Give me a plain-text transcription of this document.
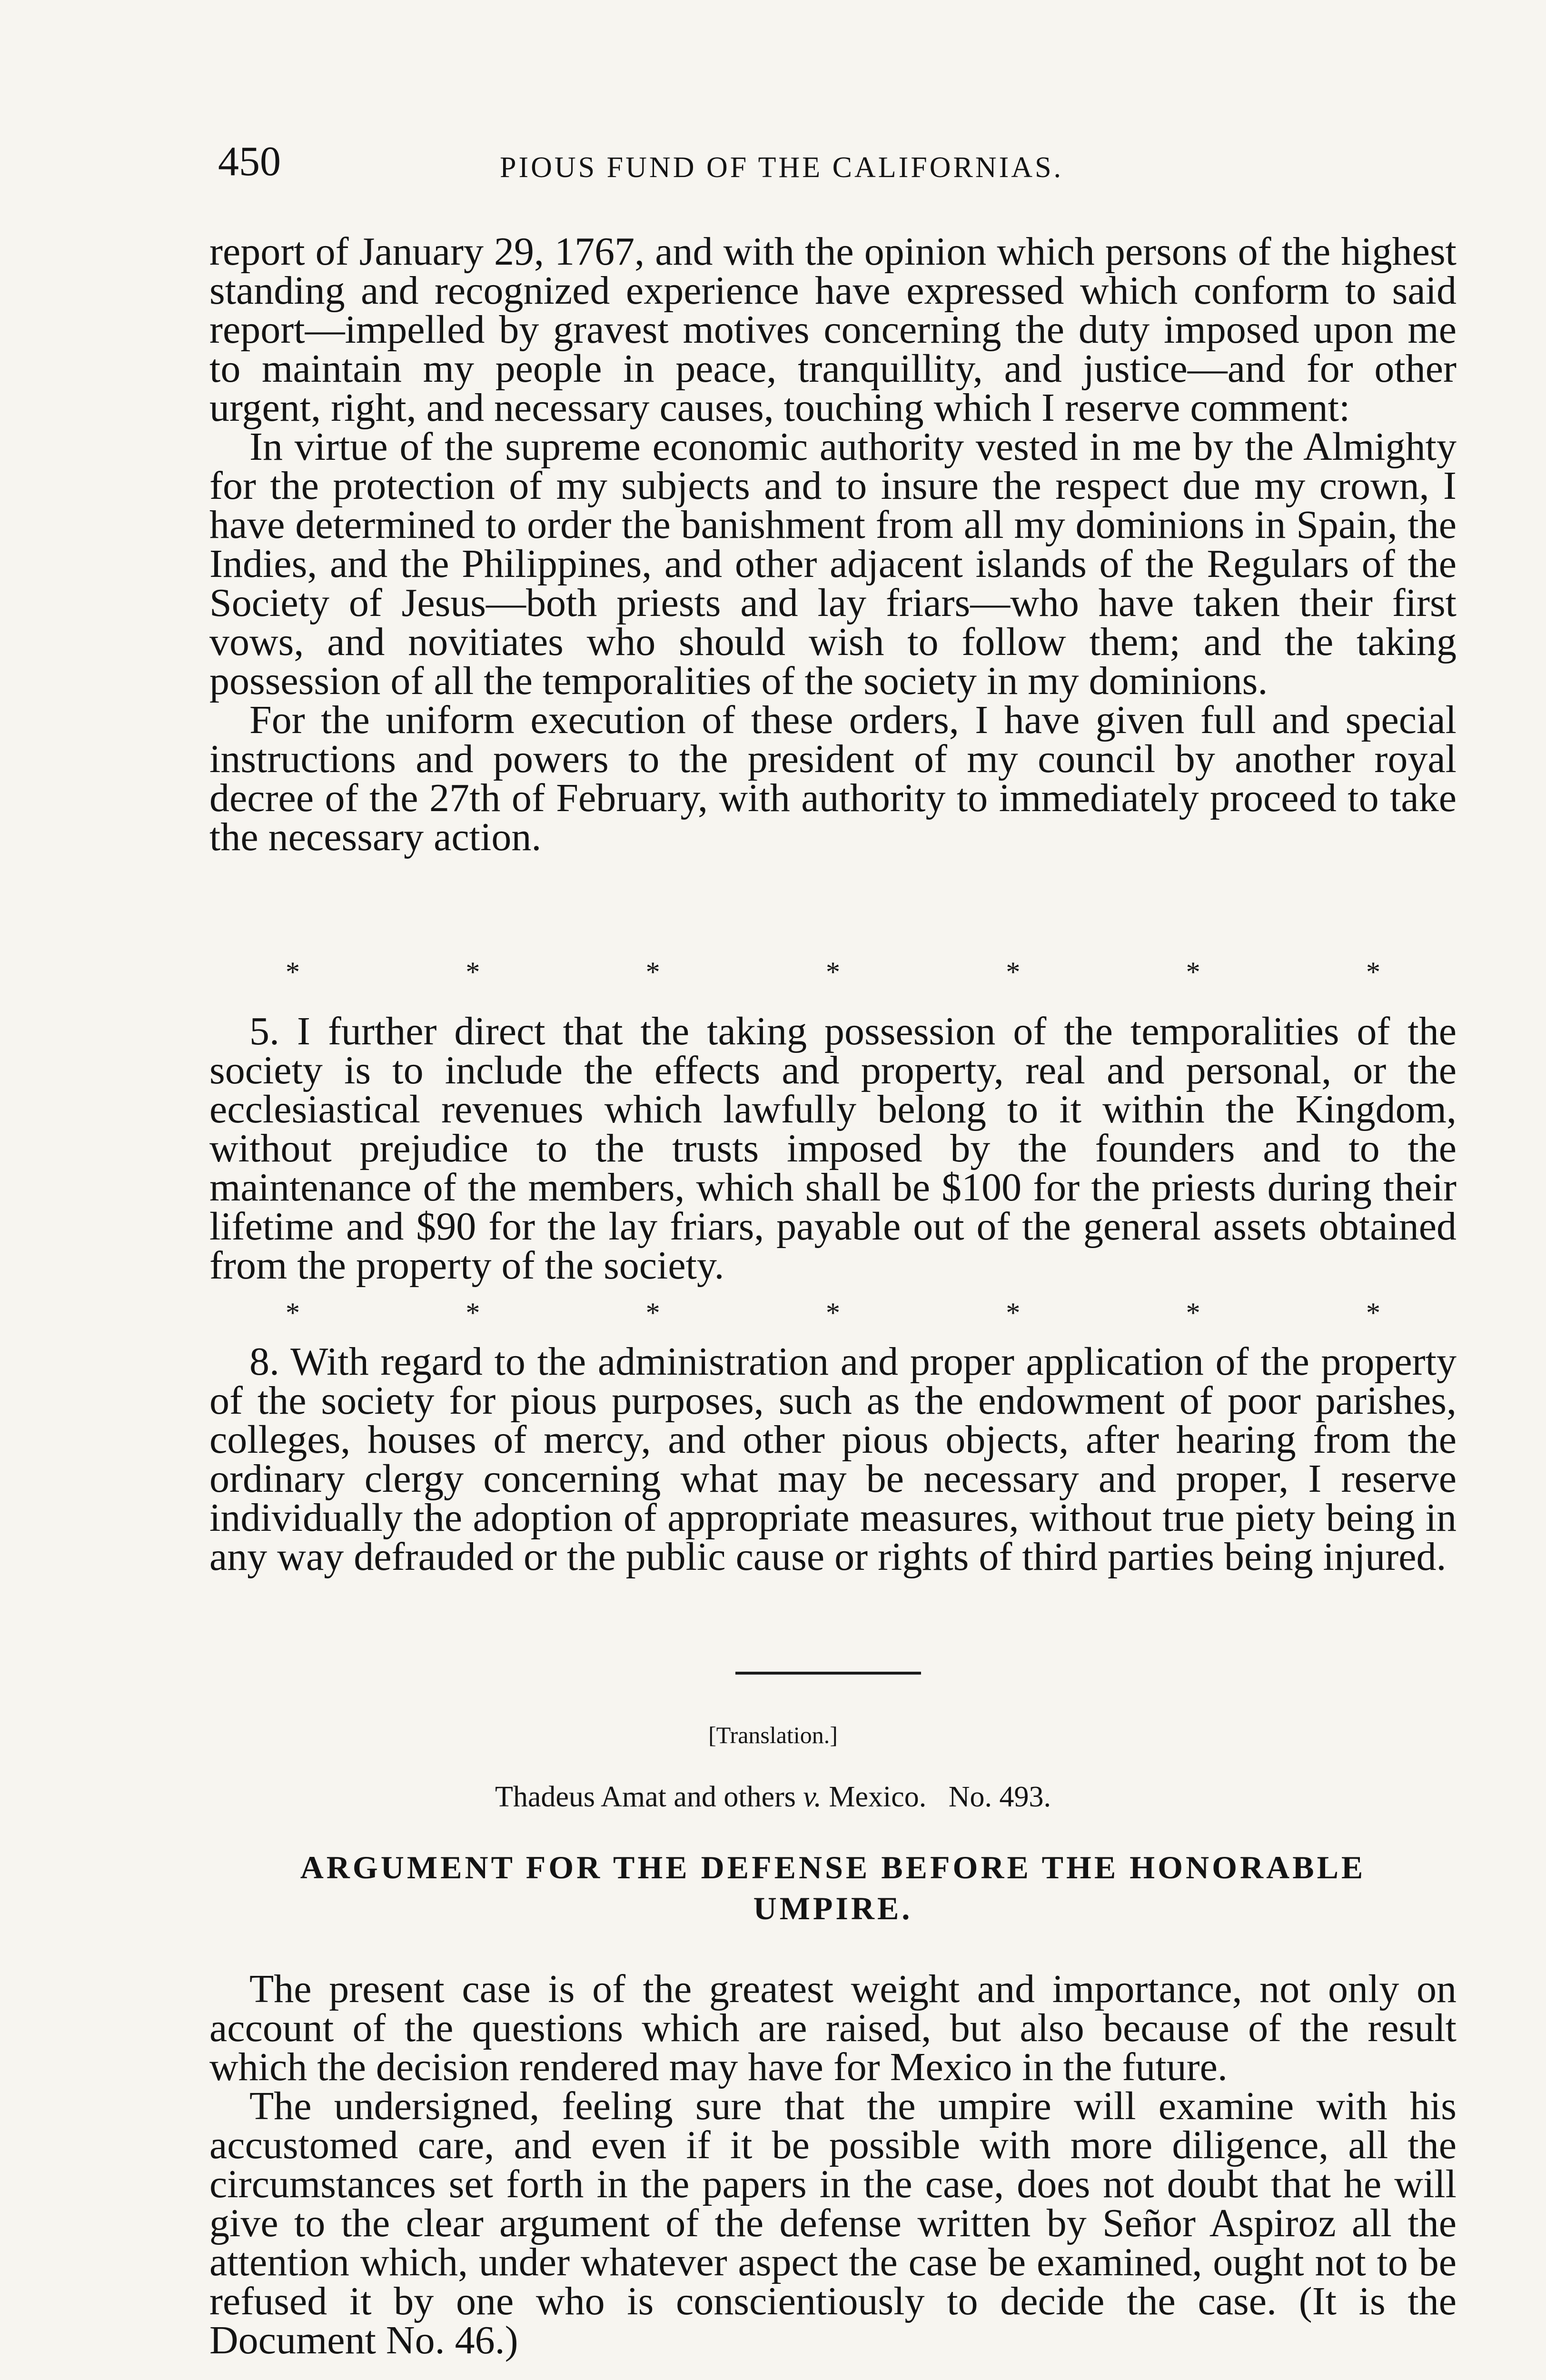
450	PIOUS FUND OF THE CALIFORNIAS.

report of January 29, 1767, and with the opinion which persons of the highest standing and recognized experience have expressed which conform to said report—impelled by gravest motives concerning the duty imposed upon me to maintain my people in peace, tranquillity, and justice—and for other urgent, right, and necessary causes, touching which I reserve comment:

In virtue of the supreme economic authority vested in me by the Almighty for the protection of my subjects and to insure the respect due my crown, I have determined to order the banishment from all my dominions in Spain, the Indies, and the Philippines, and other adjacent islands of the Regulars of the Society of Jesus—both priests and lay friars—who have taken their first vows, and novitiates who should wish to follow them; and the taking possession of all the temporalities of the society in my dominions.

For the uniform execution of these orders, I have given full and special instructions and powers to the president of my council by another royal decree of the 27th of February, with authority to immediately proceed to take the necessary action.

*	*	*	*	*	*	*

5. I further direct that the taking possession of the temporalities of the society is to include the effects and property, real and personal, or the ecclesiastical revenues which lawfully belong to it within the Kingdom, without prejudice to the trusts imposed by the founders and to the maintenance of the members, which shall be $100 for the priests during their lifetime and $90 for the lay friars, payable out of the general assets obtained from the property of the society.

*	*	*	*	*	*	*

8. With regard to the administration and proper application of the property of the society for pious purposes, such as the endowment of poor parishes, colleges, houses of mercy, and other pious objects, after hearing from the ordinary clergy concerning what may be necessary and proper, I reserve individually the adoption of appropriate measures, without true piety being in any way defrauded or the public cause or rights of third parties being injured.

[Translation.]
Thadeus Amat and others v. Mexico.   No. 493.
ARGUMENT FOR THE DEFENSE BEFORE THE HONORABLE UMPIRE.

The present case is of the greatest weight and importance, not only on account of the questions which are raised, but also because of the result which the decision rendered may have for Mexico in the future.

The undersigned, feeling sure that the umpire will examine with his accustomed care, and even if it be possible with more diligence, all the circumstances set forth in the papers in the case, does not doubt that he will give to the clear argument of the defense written by Señor Aspiroz all the attention which, under whatever aspect the case be examined, ought not to be refused it by one who is conscientiously to decide the case. (It is the Document No. 46.)
